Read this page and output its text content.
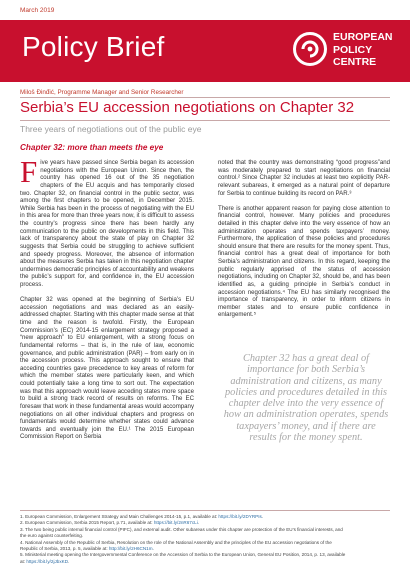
March 2019
Policy Brief	EUROPEAN
POLICY
CENTRE
Miloš Đinđić, Programme Manager and Senior Researcher
Serbia’s EU accession negotiations on Chapter 32
Three years of negotiations out of the public eye
Chapter 32: more than meets the eye

Five years have passed since Serbia began its accession negotiations with the European Union. Since then, the country has opened 16 out of the 35 negotiation chapters of the EU acquis and has temporarily closed two. Chapter 32, on financial control in the public sector, was among the first chapters to be opened, in December 2015. While Serbia has been in the process of negotiating with the EU in this area for more than three years now, it is difficult to assess the country’s progress since there has been hardly any communication to the public on developments in this field. This lack of transparency about the state of play on Chapter 32 suggests that Serbia could be struggling to achieve sufficient and speedy progress. Moreover, the absence of information about the measures Serbia has taken in this negotiation chapter undermines democratic principles of accountability and weakens the public’s support for, and confidence in, the EU accession process.

Chapter 32 was opened at the beginning of Serbia’s EU accession negotiations and was declared as an easily-addressed chapter. Starting with this chapter made sense at that time and the reason is twofold. Firstly, the European Commission’s (EC) 2014-15 enlargement strategy proposed a “new approach” to EU enlargement, with a strong focus on fundamental reforms – that is, in the rule of law, economic governance, and public administration (PAR) – from early on in the accession process. This approach sought to ensure that acceding countries gave precedence to key areas of reform for which the member states were particularly keen, and which could potentially take a long time to sort out. The expectation was that this approach would leave acceding states more space to build a strong track record of results on reforms. The EC foresaw that work in these fundamental areas would accompany negotiations on all other individual chapters and progress on fundamentals would determine whether states could advance towards and eventually join the EU.¹ The 2015 European Commission Report on Serbia

noted that the country was demonstrating “good progress”and was moderately prepared to start negotiations on financial control.² Since Chapter 32 includes at least two explicitly PAR-relevant subareas, it emerged as a natural point of departure for Serbia to continue building its record on PAR.³

There is another apparent reason for paying close attention to financial control, however. Many policies and procedures detailed in this chapter delve into the very essence of how an administration operates and spends taxpayers’ money. Furthermore, the application of these policies and procedures should ensure that there are results for the money spent. Thus, financial control has a great deal of importance for both Serbia’s administration and citizens. In this regard, keeping the public regularly apprised of the status of accession negotiations, including on Chapter 32, should be, and has been identified as, a guiding principle in Serbia’s conduct in accession negotiations.⁴ The EU has similarly recognised the importance of transparency, in order to inform citizens in member states and to ensure public confidence in enlargement.⁵

Chapter 32 has a great deal of importance for both Serbia’s administration and citizens, as many policies and procedures detailed in this chapter delve into the very essence of how an administration operates, spends taxpayers’ money, and if there are results for the money spent.
1. European Commission, Enlargement Strategy and Main Challenges 2014-15, p.1, available at: https://bit.ly/2DYRPIs.
2. European Commission, Serbia 2015 Report, p.71, available at: https://bit.ly/2nR67cLi.
3. The two being public internal financial control (PIFC), and external audit. Other subareas under this chapter are protection of the EU’s financial interests, and
the euro against counterfeiting.
4. National Assembly of the Republic of Serbia, Resolution on the role of the National Assembly and the principles of the EU accession negotiations of the
Republic of Serbia, 2013, p. 5, available at: http://bit.ly/2H6CN1m.
5. Ministerial meeting opening the Intergovernmental Conference on the Accession of Serbia to the European Union, General EU Position, 2014, p. 13, available
at: https://bit.ly/2jJbxKD.
